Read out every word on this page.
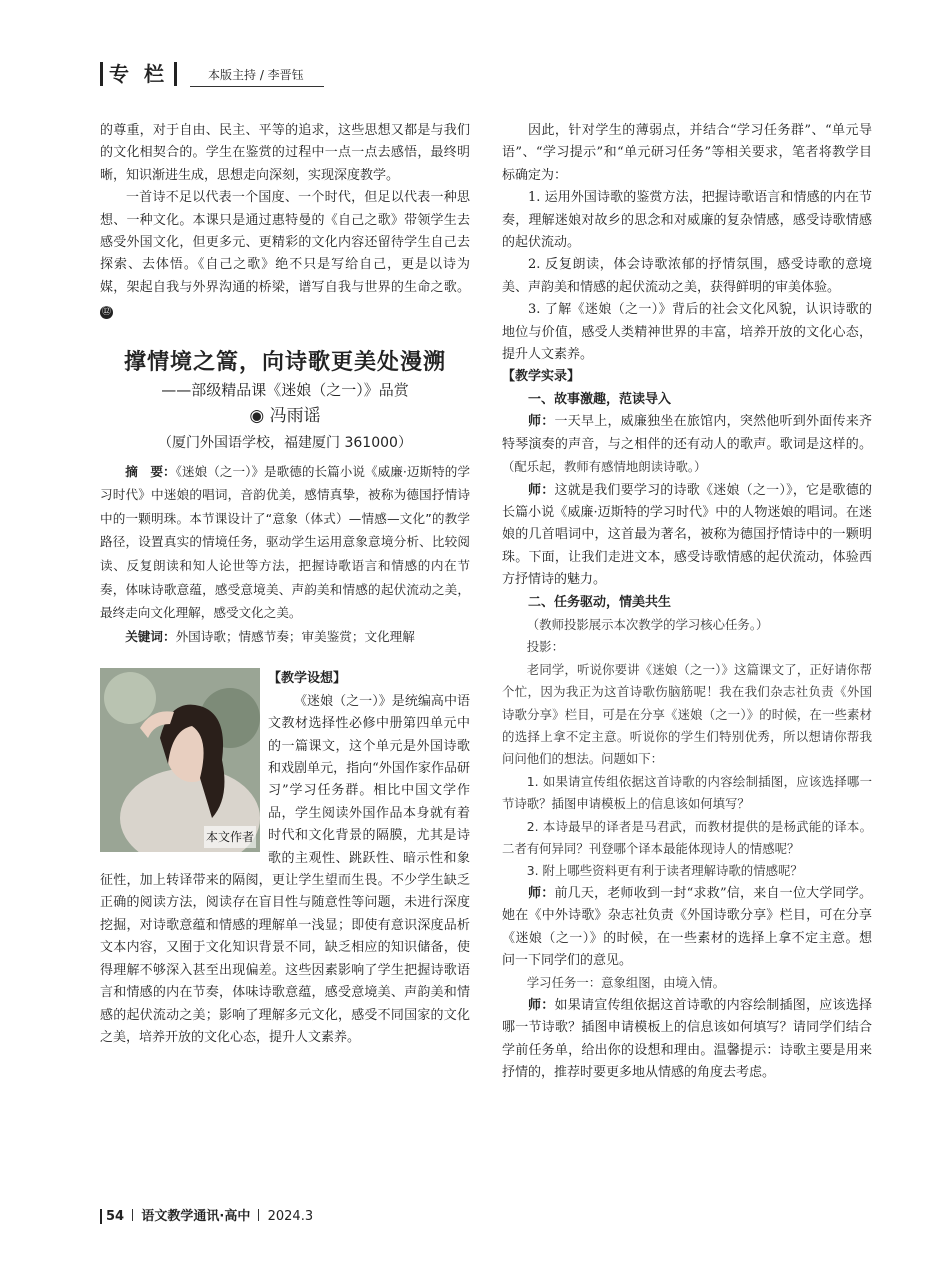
专 栏	本版主持 / 李晋钰

的尊重，对于自由、民主、平等的追求，这些思想又都是与我们的文化相契合的。学生在鉴赏的过程中一点一点去感悟，最终明晰，知识渐进生成，思想走向深刻，实现深度教学。

一首诗不足以代表一个国度、一个时代，但足以代表一种思想、一种文化。本课只是通过惠特曼的《自己之歌》带领学生去感受外国文化，但更多元、更精彩的文化内容还留待学生自己去探索、去体悟。《自己之歌》绝不只是写给自己，更是以诗为媒，架起自我与外界沟通的桥梁，谱写自我与世界的生命之歌。⑫

撑情境之篙，向诗歌更美处漫溯

——部级精品课《迷娘（之一）》品赏

◉ 冯雨谣

（厦门外国语学校，福建厦门 361000）

摘　要：《迷娘（之一）》是歌德的长篇小说《威廉·迈斯特的学习时代》中迷娘的唱词，音韵优美，感情真挚，被称为德国抒情诗中的一颗明珠。本节课设计了“意象（体式）—情感—文化”的教学路径，设置真实的情境任务，驱动学生运用意象意境分析、比较阅读、反复朗读和知人论世等方法，把握诗歌语言和情感的内在节奏，体味诗歌意蕴，感受意境美、声韵美和情感的起伏流动之美，最终走向文化理解，感受文化之美。

关键词：外国诗歌；情感节奏；审美鉴赏；文化理解

本文作者

【教学设想】

《迷娘（之一）》是统编高中语文教材选择性必修中册第四单元中的一篇课文，这个单元是外国诗歌和戏剧单元，指向“外国作家作品研习”学习任务群。相比中国文学作品，学生阅读外国作品本身就有着时代和文化背景的隔膜，尤其是诗歌的主观性、跳跃性、暗示性和象征性，加上转译带来的隔阂，更让学生望而生畏。不少学生缺乏正确的阅读方法，阅读存在盲目性与随意性等问题，未进行深度挖掘，对诗歌意蕴和情感的理解单一浅显；即使有意识深度品析文本内容，又囿于文化知识背景不同，缺乏相应的知识储备，使得理解不够深入甚至出现偏差。这些因素影响了学生把握诗歌语言和情感的内在节奏，体味诗歌意蕴，感受意境美、声韵美和情感的起伏流动之美；影响了理解多元文化，感受不同国家的文化之美，培养开放的文化心态，提升人文素养。

因此，针对学生的薄弱点，并结合“学习任务群”、“单元导语”、“学习提示”和“单元研习任务”等相关要求，笔者将教学目标确定为：

1. 运用外国诗歌的鉴赏方法，把握诗歌语言和情感的内在节奏，理解迷娘对故乡的思念和对威廉的复杂情感，感受诗歌情感的起伏流动。

2. 反复朗读，体会诗歌浓郁的抒情氛围，感受诗歌的意境美、声韵美和情感的起伏流动之美，获得鲜明的审美体验。

3. 了解《迷娘（之一）》背后的社会文化风貌，认识诗歌的地位与价值，感受人类精神世界的丰富，培养开放的文化心态，提升人文素养。

【教学实录】

一、故事激趣，范读导入

师：一天早上，威廉独坐在旅馆内，突然他听到外面传来齐特琴演奏的声音，与之相伴的还有动人的歌声。歌词是这样的。（配乐起，教师有感情地朗读诗歌。）

师：这就是我们要学习的诗歌《迷娘（之一）》，它是歌德的长篇小说《威廉·迈斯特的学习时代》中的人物迷娘的唱词。在迷娘的几首唱词中，这首最为著名，被称为德国抒情诗中的一颗明珠。下面，让我们走进文本，感受诗歌情感的起伏流动，体验西方抒情诗的魅力。

二、任务驱动，情美共生

（教师投影展示本次教学的学习核心任务。）

投影：

老同学，听说你要讲《迷娘（之一）》这篇课文了，正好请你帮个忙，因为我正为这首诗歌伤脑筋呢！我在我们杂志社负责《外国诗歌分享》栏目，可是在分享《迷娘（之一）》的时候，在一些素材的选择上拿不定主意。听说你的学生们特别优秀，所以想请你帮我问问他们的想法。问题如下：

1. 如果请宣传组依据这首诗歌的内容绘制插图，应该选择哪一节诗歌？插图申请模板上的信息该如何填写？

2. 本诗最早的译者是马君武，而教材提供的是杨武能的译本。二者有何异同？刊登哪个译本最能体现诗人的情感呢？

3. 附上哪些资料更有利于读者理解诗歌的情感呢？

师：前几天，老师收到一封“求救”信，来自一位大学同学。她在《中外诗歌》杂志社负责《外国诗歌分享》栏目，可在分享《迷娘（之一）》的时候，在一些素材的选择上拿不定主意。想问一下同学们的意见。

学习任务一：意象组图，由境入情。

师：如果请宣传组依据这首诗歌的内容绘制插图，应该选择哪一节诗歌？插图申请模板上的信息该如何填写？请同学们结合学前任务单，给出你的设想和理由。温馨提示：诗歌主要是用来抒情的，推荐时要更多地从情感的角度去考虑。

54 语文教学通讯·高中 2024.3
